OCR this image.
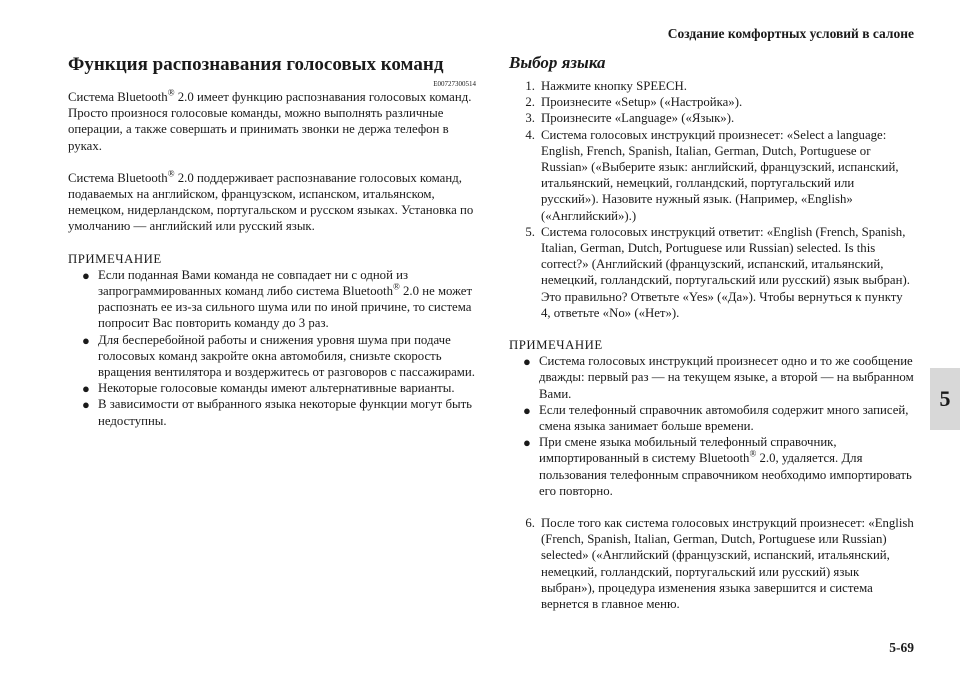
Создание комфортных условий в салоне
Функция распознавания голосовых команд
E00727300514

Система Bluetooth® 2.0 имеет функцию распознавания голосовых команд.

Просто произнося голосовые команды, можно выполнять различные операции, а также совершать и принимать звонки не держа телефон в руках.

Система Bluetooth® 2.0 поддерживает распознавание голосовых команд, подаваемых на английском, французском, испанском, итальянском, немецком, нидерландском, португальском и русском языках. Установка по умолчанию — английский или русский язык.

ПРИМЕЧАНИЕ

● Если поданная Вами команда не совпадает ни с одной из запрограммированных команд либо система Bluetooth® 2.0 не может распознать ее из-за сильного шума или по иной причине, то система попросит Вас повторить команду до 3 раз.
● Для бесперебойной работы и снижения уровня шума при подаче голосовых команд закройте окна автомобиля, снизьте скорость вращения вентилятора и воздержитесь от разговоров с пассажирами.
● Некоторые голосовые команды имеют альтернативные варианты.
● В зависимости от выбранного языка некоторые функции могут быть недоступны.
Выбор языка
1. Нажмите кнопку SPEECH.
2. Произнесите «Setup» («Настройка»).
3. Произнесите «Language» («Язык»).
4. Система голосовых инструкций произнесет: «Select a language: English, French, Spanish, Italian, German, Dutch, Portuguese or Russian» («Выберите язык: английский, французский, испанский, итальянский, немецкий, голландский, португальский или русский»). Назовите нужный язык. (Например, «English» («Английский»).)
5. Система голосовых инструкций ответит: «English (French, Spanish, Italian, German, Dutch, Portuguese или Russian) selected. Is this correct?» (Английский (французский, испанский, итальянский, немецкий, голландский, португальский или русский) язык выбран). Это правильно? Ответьте «Yes» («Да»). Чтобы вернуться к пункту 4, ответьте «No» («Нет»).

ПРИМЕЧАНИЕ

● Система голосовых инструкций произнесет одно и то же сообщение дважды: первый раз — на текущем языке, а второй — на выбранном Вами.
● Если телефонный справочник автомобиля содержит много записей, смена языка занимает больше времени.
● При смене языка мобильный телефонный справочник, импортированный в систему Bluetooth® 2.0, удаляется. Для пользования телефонным справочником необходимо импортировать его повторно.
6. После того как система голосовых инструкций произнесет: «English (French, Spanish, Italian, German, Dutch, Portuguese или Russian) selected» («Английский (французский, испанский, итальянский, немецкий, голландский, португальский или русский) язык выбран»), процедура изменения языка завершится и система вернется в главное меню.
5
5-69
